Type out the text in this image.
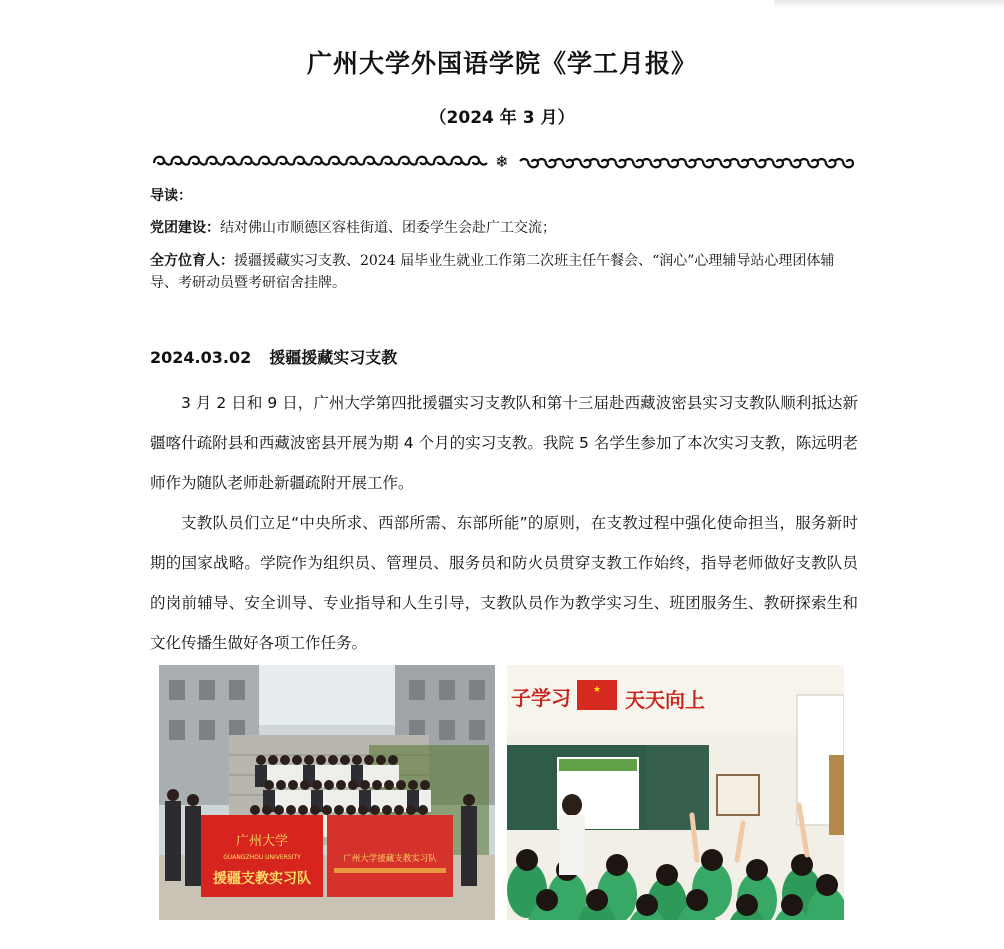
广州大学外国语学院《学工月报》
（2024 年 3 月）
❄
导读：
党团建设：结对佛山市顺德区容桂街道、团委学生会赴广工交流；
全方位育人：援疆援藏实习支教、2024 届毕业生就业工作第二次班主任午餐会、“润心”心理辅导站心理团体辅导、考研动员暨考研宿舍挂牌。
2024.03.02 援疆援藏实习支教
3 月 2 日和 9 日，广州大学第四批援疆实习支教队和第十三届赴西藏波密县实习支教队顺利抵达新疆喀什疏附县和西藏波密县开展为期 4 个月的实习支教。我院 5 名学生参加了本次实习支教，陈远明老师作为随队老师赴新疆疏附开展工作。
支教队员们立足“中央所求、西部所需、东部所能”的原则，在支教过程中强化使命担当，服务新时期的国家战略。学院作为组织员、管理员、服务员和防火员贯穿支教工作始终，指导老师做好支教队员的岗前辅导、安全训导、专业指导和人生引导，支教队员作为教学实习生、班团服务生、教研探索生和文化传播生做好各项工作任务。
广州大学
GUANGZHOU UNIVERSITY
援疆支教实习队
广州大学援藏支教实习队
子学习 ★ 天天向上
